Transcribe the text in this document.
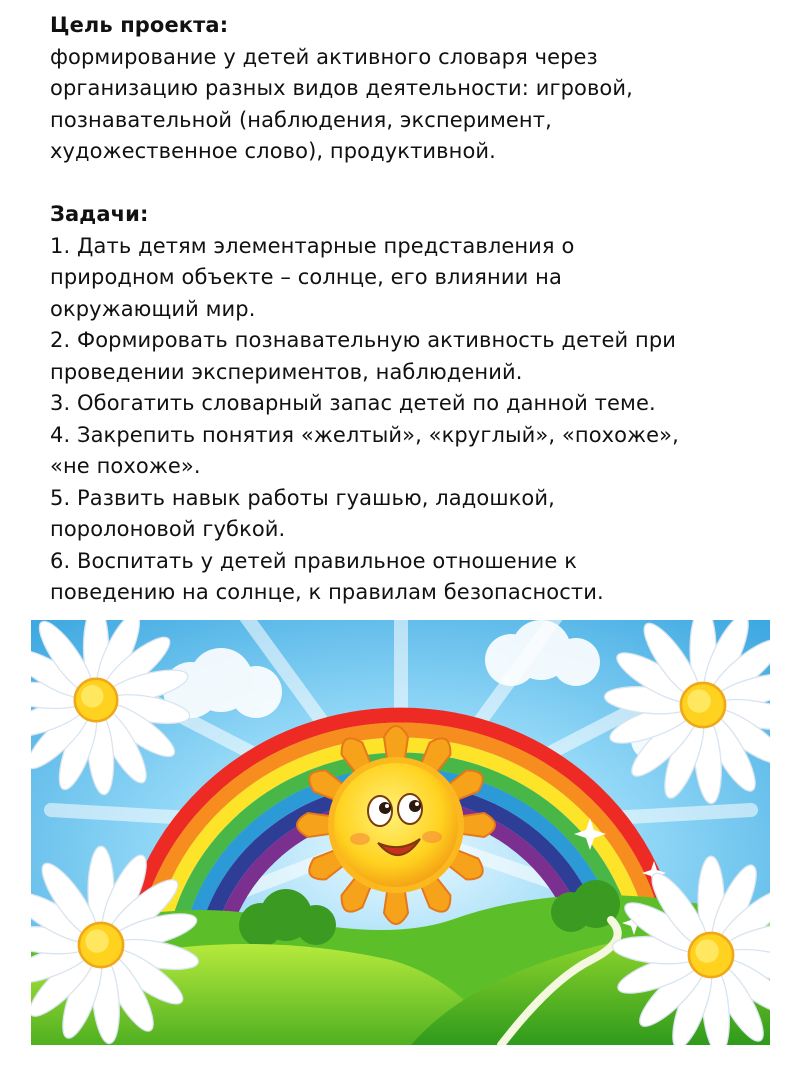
Цель проекта:
формирование у детей активного словаря через
организацию разных видов деятельности: игровой,
познавательной (наблюдения, эксперимент,
художественное слово), продуктивной.
Задачи:
1. Дать детям элементарные представления о
природном объекте – солнце, его влиянии на
окружающий мир.
2. Формировать познавательную активность детей при
проведении экспериментов, наблюдений.
3. Обогатить словарный запас детей по данной теме.
4. Закрепить понятия «желтый», «круглый», «похоже»,
«не похоже».
5. Развить навык работы гуашью, ладошкой,
поролоновой губкой.
6. Воспитать у детей правильное отношение к
поведению на солнце, к правилам безопасности.
